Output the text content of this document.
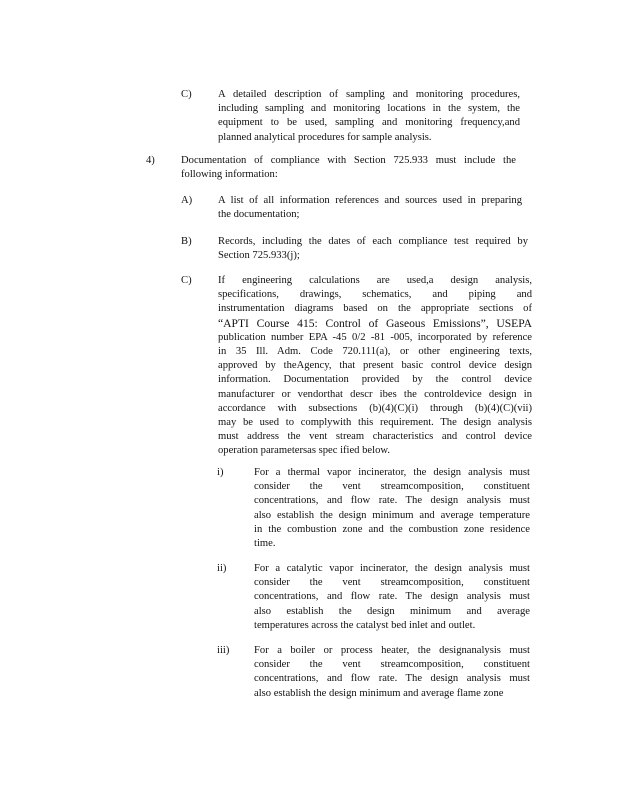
C) A detailed description of sampling and monitoring procedures,
including sampling and monitoring locations in the system, the
equipment to be used, sampling and monitoring frequency,and
planned analytical procedures for sample analysis.
4) Documentation of compliance with Section 725.933 must include the
following information:
A) A list of all information references and sources used in preparing
the documentation;
B) Records, including the dates of each compliance test required by
Section 725.933(j);
C) If engineering calculations are used,a design analysis,
specifications, drawings, schematics, and piping and
instrumentation diagrams based on the appropriate sections of
“APTI Course 415: Control of Gaseous Emissions”, USEPA
publication number EPA -45 0/2 -81 -005, incorporated by reference
in 35 Ill. Adm. Code 720.111(a), or other engineering texts,
approved by theAgency, that present basic control device design
information. Documentation provided by the control device
manufacturer or vendorthat descr ibes the controldevice design in
accordance with subsections (b)(4)(C)(i) through (b)(4)(C)(vii)
may be used to complywith this requirement. The design analysis
must address the vent stream characteristics and control device
operation parametersas spec ified below.
i)	For a thermal vapor incinerator, the design analysis must
consider the vent streamcomposition, constituent
concentrations, and flow rate. The design analysis must
also establish the design minimum and average temperature
in the combustion zone and the combustion zone residence
time.
ii)	For a catalytic vapor incinerator, the design analysis must
consider the vent streamcomposition, constituent
concentrations, and flow rate. The design analysis must
also establish the design minimum and average
temperatures across the catalyst bed inlet and outlet.
iii) For a boiler or process heater, the designanalysis must
consider the vent streamcomposition, constituent
concentrations, and flow rate. The design analysis must
also establish the design minimum and average flame zone
